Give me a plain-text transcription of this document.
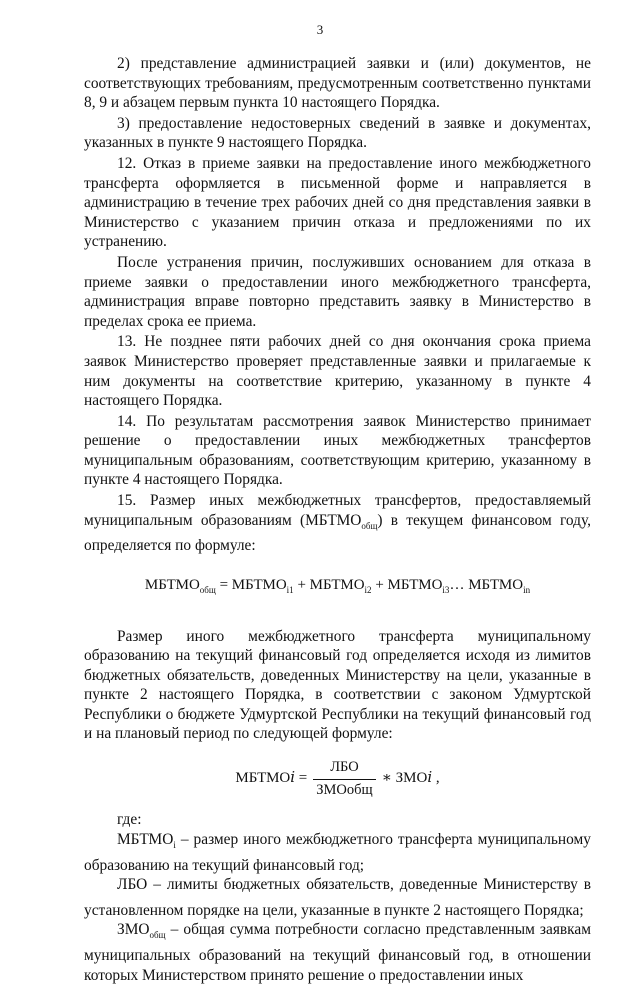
3

2) представление администрацией заявки и (или) документов, не соответствующих требованиям, предусмотренным соответственно пунктами 8, 9 и абзацем первым пункта 10 настоящего Порядка.

3) предоставление недостоверных сведений в заявке и документах, указанных в пункте 9 настоящего Порядка.

12. Отказ в приеме заявки на предоставление иного межбюджетного трансферта оформляется в письменной форме и направляется в администрацию в течение трех рабочих дней со дня представления заявки в Министерство с указанием причин отказа и предложениями по их устранению.

После устранения причин, послуживших основанием для отказа в приеме заявки о предоставлении иного межбюджетного трансферта, администрация вправе повторно представить заявку в Министерство в пределах срока ее приема.

13. Не позднее пяти рабочих дней со дня окончания срока приема заявок Министерство проверяет представленные заявки и прилагаемые к ним документы на соответствие критерию, указанному в пункте 4 настоящего Порядка.

14. По результатам рассмотрения заявок Министерство принимает решение о предоставлении иных межбюджетных трансфертов муниципальным образованиям, соответствующим критерию, указанному в пункте 4 настоящего Порядка.

15. Размер иных межбюджетных трансфертов, предоставляемый муниципальным образованиям $(МБТМО_{общ})$ в текущем финансовом году, определяется по формуле:

$МБТМО_{общ}$ = $МБТМО_{i1}$ + $МБТМО_{i2}$ + $МБТМО_{i3}\dots$ $МБТМО_{in}$

Размер иного межбюджетного трансферта муниципальному образованию на текущий финансовый год определяется исходя из лимитов бюджетных обязательств, доведенных Министерству на цели, указанные в пункте 2 настоящего Порядка, в соответствии с законом Удмуртской Республики о бюджете Удмуртской Республики на текущий финансовый год и на плановый период по следующей формуле:

МБТМО𝑖 = $\frac{\text{ЛБО}}{\text{ЗМОобщ}}$ ∗ ЗМО𝑖 ,

где:

$МБТМО_i$ – размер иного межбюджетного трансферта муниципальному образованию на текущий финансовый год;

ЛБО – лимиты бюджетных обязательств, доведенные Министерству в установленном порядке на цели, указанные в пункте 2 настоящего Порядка;

$ЗМО_{общ}$ – общая сумма потребности согласно представленным заявкам муниципальных образований на текущий финансовый год, в отношении которых Министерством принято решение о предоставлении иных
